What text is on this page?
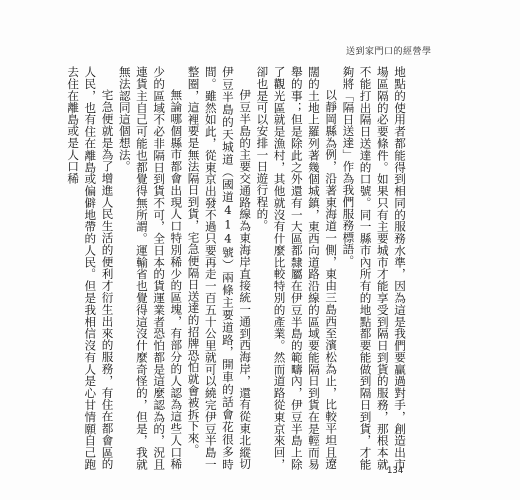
送到家門口的經營學

地點的使用者都能得到相同的服務水準，因為這是我們要贏過對手，創造出市場區隔的必要條件。如果只有主要城市才能享受到隔日到貨的服務，那根本就不能打出隔日送達的口號。同一縣市內所有的地點都要能做到隔日到貨，才能夠將「隔日送達」作為我們服務標語。

以靜岡縣為例，沿著東海道一側，東由三島西至濱松為止，比較平坦且遼闊的土地上羅列著幾個城鎮，東西向道路沿線的區域要能隔日到貨在是輕而易舉的事；但是除此之外還有一大區都隸屬在伊豆半島的範疇內，伊豆半島上除了觀光區就是漁村，其他就沒有什麼比較特別的產業。然而道路從東京來回，卻也是可以安排一日遊行程的。

伊豆半島的主要交通路線為東海岸直接統一通到西海岸，還有從東北縱切伊豆半島的天城道（國道414號）兩條主要道路，開車的話會花很多時間。雖然如此，從東京出發不過只要再走一百五十公里就可以繞完伊豆半島一整圈，這裡要是無法隔日到貨，宅急便隔日送達的招牌恐怕就會被拆下來。

無論哪個縣市都會出現人口特別稀少的區塊，有部分的人認為這些人口稀少的區域不必非隔日到貨不可，全日本的貨運業者恐怕都是這麼認為的，況且連貨主自己可能也都覺得無所謂。運輸省也覺得這沒什麼奇怪的，但是，我就無法認同這個想法。

宅急便就是為了增進人民生活的便利才衍生出來的服務，有住在都會區的人民，也有住在離島或偏僻地帶的人民。但是我相信沒有人是心甘情願自己跑去住在離島或是人口稀

134
